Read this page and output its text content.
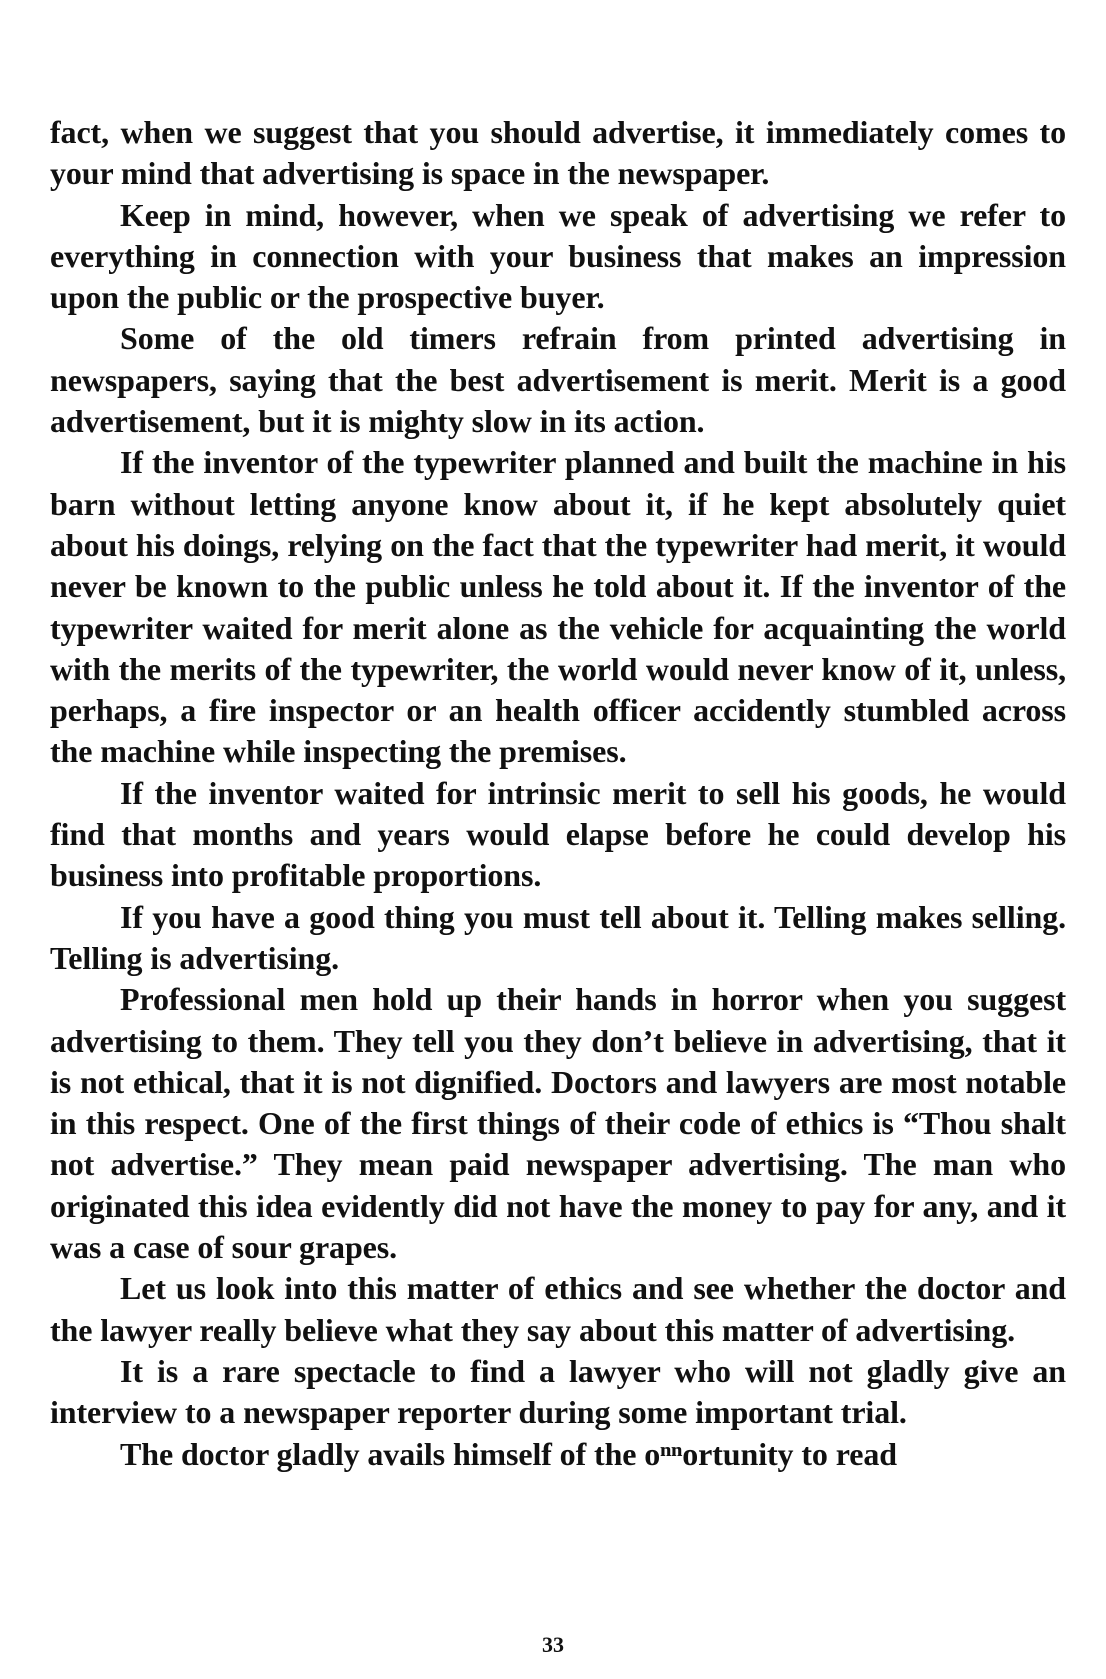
fact, when we suggest that you should advertise, it immediately comes to your mind that advertising is space in the newspaper.

Keep in mind, however, when we speak of advertising we refer to everything in connection with your business that makes an impression upon the public or the prospective buyer.

Some of the old timers refrain from printed advertising in newspapers, saying that the best advertisement is merit. Merit is a good advertisement, but it is mighty slow in its action.

If the inventor of the typewriter planned and built the machine in his barn without letting anyone know about it, if he kept absolutely quiet about his doings, relying on the fact that the typewriter had merit, it would never be known to the public unless he told about it. If the inventor of the typewriter waited for merit alone as the vehicle for acquainting the world with the merits of the typewriter, the world would never know of it, unless, perhaps, a fire inspector or an health officer accidently stumbled across the machine while inspecting the premises.

If the inventor waited for intrinsic merit to sell his goods, he would find that months and years would elapse before he could develop his business into profitable proportions.

If you have a good thing you must tell about it. Telling makes selling. Telling is advertising.

Professional men hold up their hands in horror when you suggest advertising to them. They tell you they don’t believe in advertising, that it is not ethical, that it is not dignified. Doctors and lawyers are most notable in this respect. One of the first things of their code of ethics is “Thou shalt not advertise.” They mean paid newspaper advertising. The man who originated this idea evidently did not have the money to pay for any, and it was a case of sour grapes.

Let us look into this matter of ethics and see whether the doctor and the lawyer really believe what they say about this matter of advertising.

It is a rare spectacle to find a lawyer who will not gladly give an interview to a newspaper reporter during some important trial.

The doctor gladly avails himself of the oⁿⁿortunity to read

33
